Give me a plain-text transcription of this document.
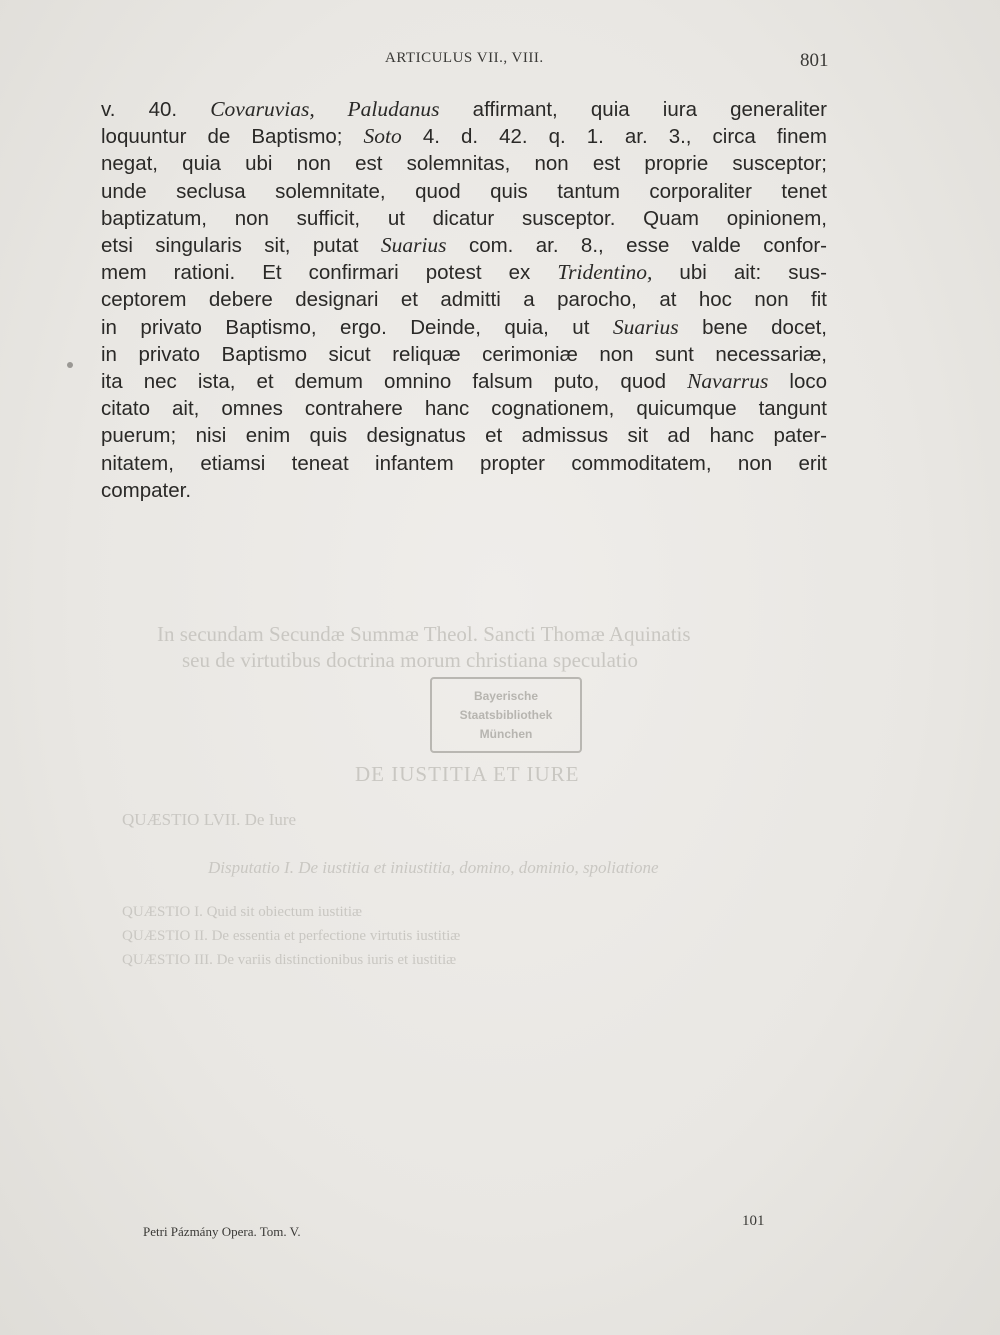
ARTICULUS VII., VIII.	801
In secundam Secundæ Summæ Theol. Sancti Thomæ Aquinatis
seu de virtutibus doctrina morum christiana speculatio
DE IUSTITIA ET IURE
QUÆSTIO LVII. De Iure
Disputatio I. De iustitia et iniustitia, domino, dominio, spoliatione
QUÆSTIO I. Quid sit obiectum iustitiæ
QUÆSTIO II. De essentia et perfectione virtutis iustitiæ
QUÆSTIO III. De variis distinctionibus iuris et iustitiæ
Bayerische
Staatsbibliothek
München
v. 40. Covaruvias, Paludanus affirmant, quia iura generaliter
loquuntur de Baptismo; Soto 4. d. 42. q. 1. ar. 3., circa finem
negat, quia ubi non est solemnitas, non est proprie susceptor;
unde seclusa solemnitate, quod quis tantum corporaliter tenet
baptizatum, non sufficit, ut dicatur susceptor. Quam opinionem,
etsi singularis sit, putat Suarius com. ar. 8., esse valde confor-
mem rationi. Et confirmari potest ex Tridentino, ubi ait: sus-
ceptorem debere designari et admitti a parocho, at hoc non fit
in privato Baptismo, ergo. Deinde, quia, ut Suarius bene docet,
in privato Baptismo sicut reliquæ cerimoniæ non sunt necessariæ,
ita nec ista, et demum omnino falsum puto, quod Navarrus loco
citato ait, omnes contrahere hanc cognationem, quicumque tangunt
puerum; nisi enim quis designatus et admissus sit ad hanc pater-
nitatem, etiamsi teneat infantem propter commoditatem, non erit
compater.
Petri Pázmány Opera. Tom. V.
101
